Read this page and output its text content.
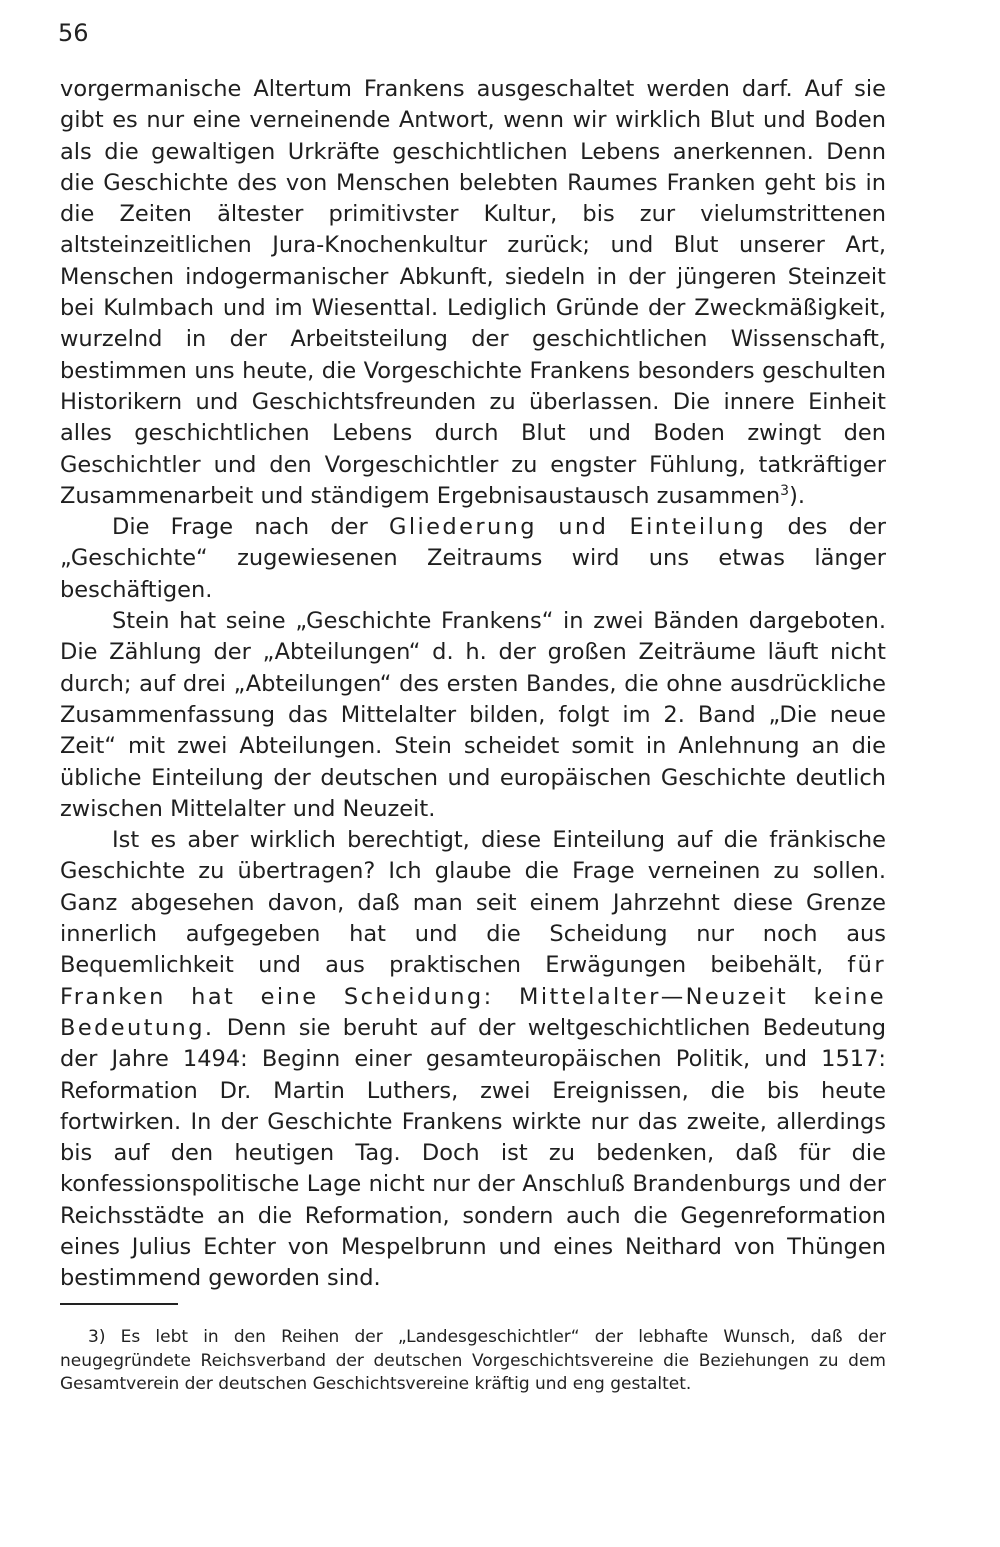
56

vorgermanische Altertum Frankens ausgeschaltet werden darf. Auf sie gibt es nur eine verneinende Antwort, wenn wir wirklich Blut und Boden als die gewaltigen Urkräfte geschichtlichen Lebens anerkennen. Denn die Geschichte des von Menschen belebten Raumes Franken geht bis in die Zeiten ältester primitivster Kultur, bis zur vielumstrittenen altsteinzeitlichen Jura-Knochenkultur zurück; und Blut unserer Art, Menschen indogermanischer Abkunft, siedeln in der jüngeren Steinzeit bei Kulmbach und im Wiesenttal. Lediglich Gründe der Zweckmäßigkeit, wurzelnd in der Arbeitsteilung der geschichtlichen Wissenschaft, bestimmen uns heute, die Vorgeschichte Frankens besonders geschulten Historikern und Geschichtsfreunden zu überlassen. Die innere Einheit alles geschichtlichen Lebens durch Blut und Boden zwingt den Geschichtler und den Vorgeschichtler zu engster Fühlung, tatkräftiger Zusammenarbeit und ständigem Ergebnisaustausch zusammen$^3$).

Die Frage nach der Gliederung und Einteilung des der „Geschichte“ zugewiesenen Zeitraums wird uns etwas länger beschäftigen.

Stein hat seine „Geschichte Frankens“ in zwei Bänden dargeboten. Die Zählung der „Abteilungen“ d. h. der großen Zeiträume läuft nicht durch; auf drei „Abteilungen“ des ersten Bandes, die ohne ausdrückliche Zusammenfassung das Mittelalter bilden, folgt im 2. Band „Die neue Zeit“ mit zwei Abteilungen. Stein scheidet somit in Anlehnung an die übliche Einteilung der deutschen und europäischen Geschichte deutlich zwischen Mittelalter und Neuzeit.

Ist es aber wirklich berechtigt, diese Einteilung auf die fränkische Geschichte zu übertragen? Ich glaube die Frage verneinen zu sollen. Ganz abgesehen davon, daß man seit einem Jahrzehnt diese Grenze innerlich aufgegeben hat und die Scheidung nur noch aus Bequemlichkeit und aus praktischen Erwägungen beibehält, für Franken hat eine Scheidung: Mittelalter—Neuzeit keine Bedeutung. Denn sie beruht auf der weltgeschichtlichen Bedeutung der Jahre 1494: Beginn einer gesamteuropäischen Politik, und 1517: Reformation Dr. Martin Luthers, zwei Ereignissen, die bis heute fortwirken. In der Geschichte Frankens wirkte nur das zweite, allerdings bis auf den heutigen Tag. Doch ist zu bedenken, daß für die konfessionspolitische Lage nicht nur der Anschluß Brandenburgs und der Reichsstädte an die Reformation, sondern auch die Gegenreformation eines Julius Echter von Mespelbrunn und eines Neithard von Thüngen bestimmend geworden sind.

3) Es lebt in den Reihen der „Landesgeschichtler“ der lebhafte Wunsch, daß der neugegründete Reichsverband der deutschen Vorgeschichtsvereine die Beziehungen zu dem Gesamtverein der deutschen Geschichtsvereine kräftig und eng gestaltet.
